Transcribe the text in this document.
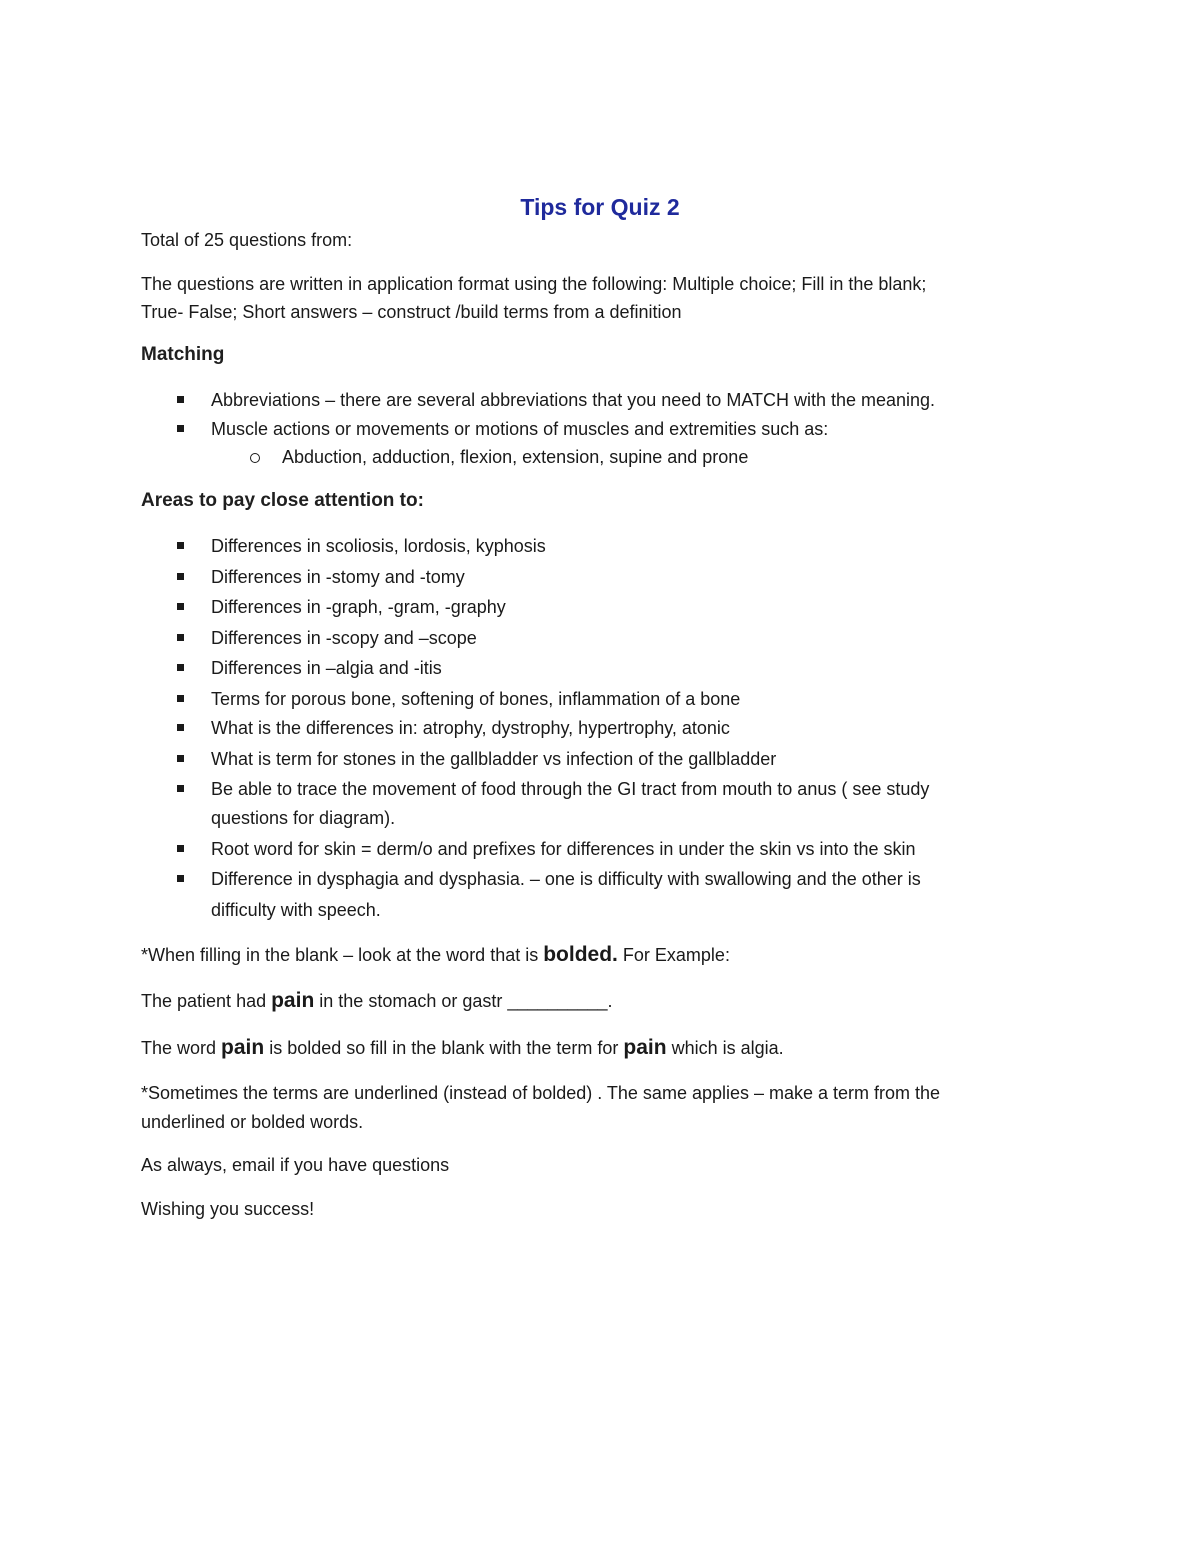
Tips for Quiz 2
Total of 25 questions from:
The questions are written in application format using the following: Multiple choice; Fill in the blank;
True- False; Short answers – construct /build terms from a definition
Matching
Abbreviations – there are several abbreviations that you need to MATCH with the meaning.
Muscle actions or movements or motions of muscles and extremities such as:
Abduction, adduction, flexion, extension, supine and prone
Areas to pay close attention to:
Differences in scoliosis, lordosis, kyphosis
Differences in -stomy and -tomy
Differences in -graph, -gram, -graphy
Differences in -scopy and –scope
Differences in –algia and -itis
Terms for porous bone, softening of bones, inflammation of a bone
What is the differences in: atrophy, dystrophy, hypertrophy, atonic
What is term for stones in the gallbladder vs infection of the gallbladder
Be able to trace the movement of food through the GI tract from mouth to anus ( see study
questions for diagram).
Root word for skin = derm/o and prefixes for differences in under the skin vs into the skin
Difference in dysphagia and dysphasia. – one is difficulty with swallowing and the other is
difficulty with speech.
*When filling in the blank – look at the word that is bolded. For Example:
The patient had pain in the stomach or gastr __________.
The word pain is bolded so fill in the blank with the term for pain which is algia.
*Sometimes the terms are underlined (instead of bolded) . The same applies – make a term from the
underlined or bolded words.
As always, email if you have questions
Wishing you success!
